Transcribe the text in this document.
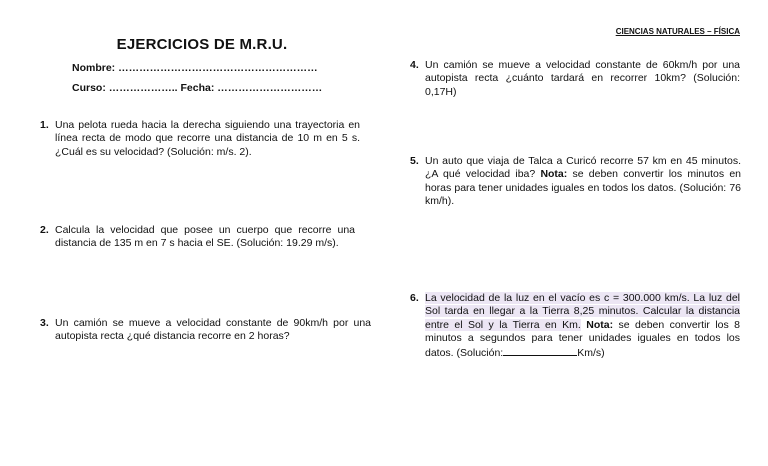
CIENCIAS NATURALES – FÍSICA
EJERCICIOS DE M.R.U.
Nombre: …………………………………………………
Curso: ……………….. Fecha: …………………………
1. Una pelota rueda hacia la derecha siguiendo una trayectoria en línea recta de modo que recorre una distancia de 10 m en 5 s. ¿Cuál es su velocidad? (Solución: m/s. 2).
2. Calcula la velocidad que posee un cuerpo que recorre una distancia de 135 m en 7 s hacia el SE. (Solución: 19.29 m/s).
3. Un camión se mueve a velocidad constante de 90km/h por una autopista recta ¿qué distancia recorre en 2 horas?
4. Un camión se mueve a velocidad constante de 60km/h por una autopista recta ¿cuánto tardará en recorrer 10km? (Solución: 0,17H)
5. Un auto que viaja de Talca a Curicó recorre 57 km en 45 minutos. ¿A qué velocidad iba? Nota: se deben convertir los minutos en horas para tener unidades iguales en todos los datos. (Solución: 76 km/h).
6. La velocidad de la luz en el vacío es c = 300.000 km/s. La luz del Sol tarda en llegar a la Tierra 8,25 minutos. Calcular la distancia entre el Sol y la Tierra en Km. Nota: se deben convertir los 8 minutos a segundos para tener unidades iguales en todos los datos. (Solución:	Km/s)
